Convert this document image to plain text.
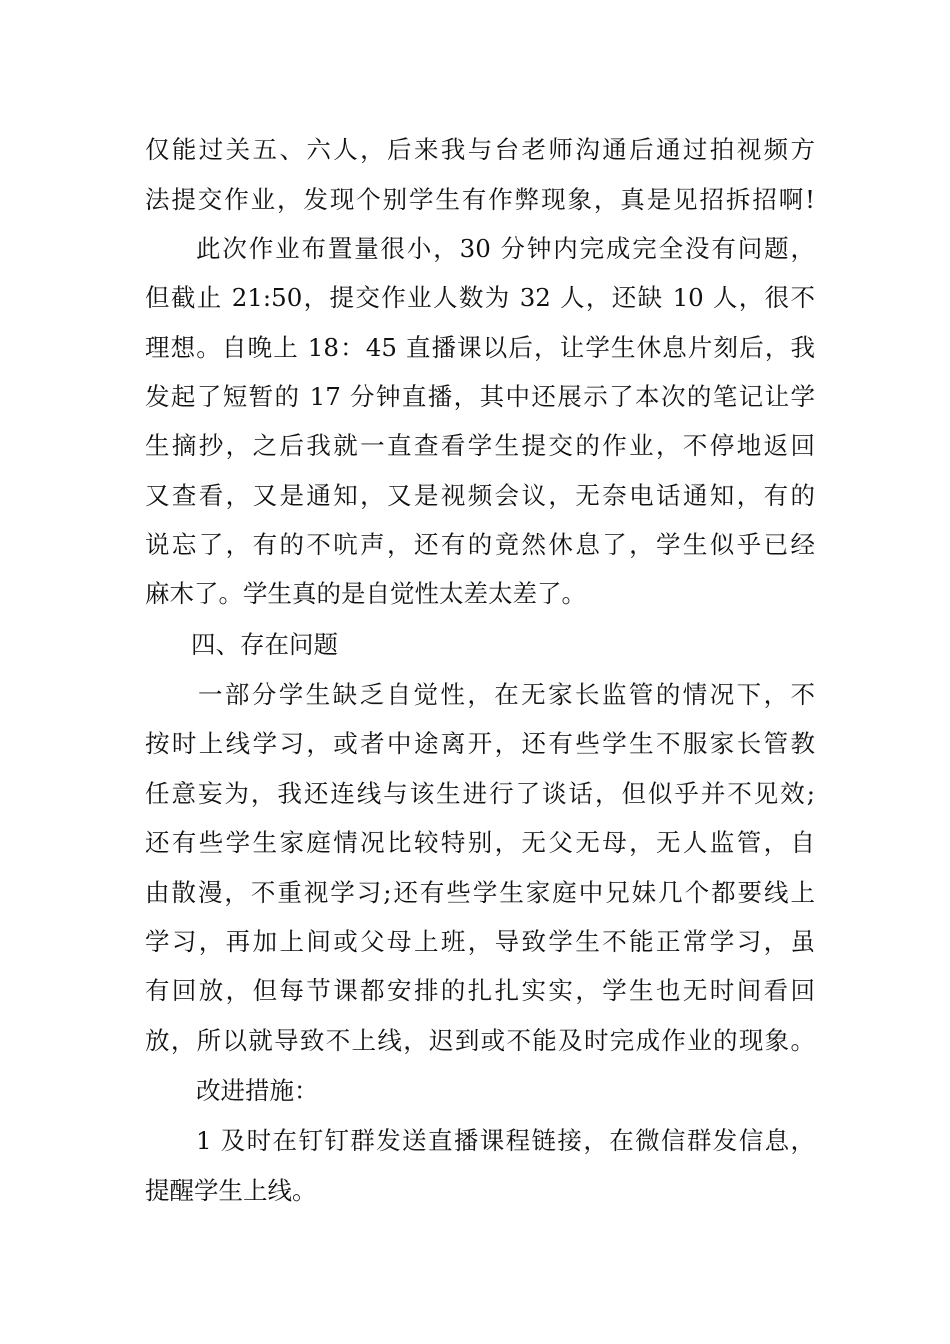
仅能过关五、六人，后来我与台老师沟通后通过拍视频方
法提交作业，发现个别学生有作弊现象，真是见招拆招啊!
此次作业布置量很小，30 分钟内完成完全没有问题，
但截止 21:50，提交作业人数为 32 人，还缺 10 人，很不
理想。自晚上 18：45 直播课以后，让学生休息片刻后，我
发起了短暂的 17 分钟直播，其中还展示了本次的笔记让学
生摘抄，之后我就一直查看学生提交的作业，不停地返回
又查看，又是通知，又是视频会议，无奈电话通知，有的
说忘了，有的不吭声，还有的竟然休息了，学生似乎已经
麻木了。学生真的是自觉性太差太差了。
四、存在问题
一部分学生缺乏自觉性，在无家长监管的情况下，不
按时上线学习，或者中途离开，还有些学生不服家长管教
任意妄为，我还连线与该生进行了谈话，但似乎并不见效;
还有些学生家庭情况比较特别，无父无母，无人监管，自
由散漫，不重视学习;还有些学生家庭中兄妹几个都要线上
学习，再加上间或父母上班，导致学生不能正常学习，虽
有回放，但每节课都安排的扎扎实实，学生也无时间看回
放，所以就导致不上线，迟到或不能及时完成作业的现象。
改进措施：
1 及时在钉钉群发送直播课程链接，在微信群发信息，
提醒学生上线。
